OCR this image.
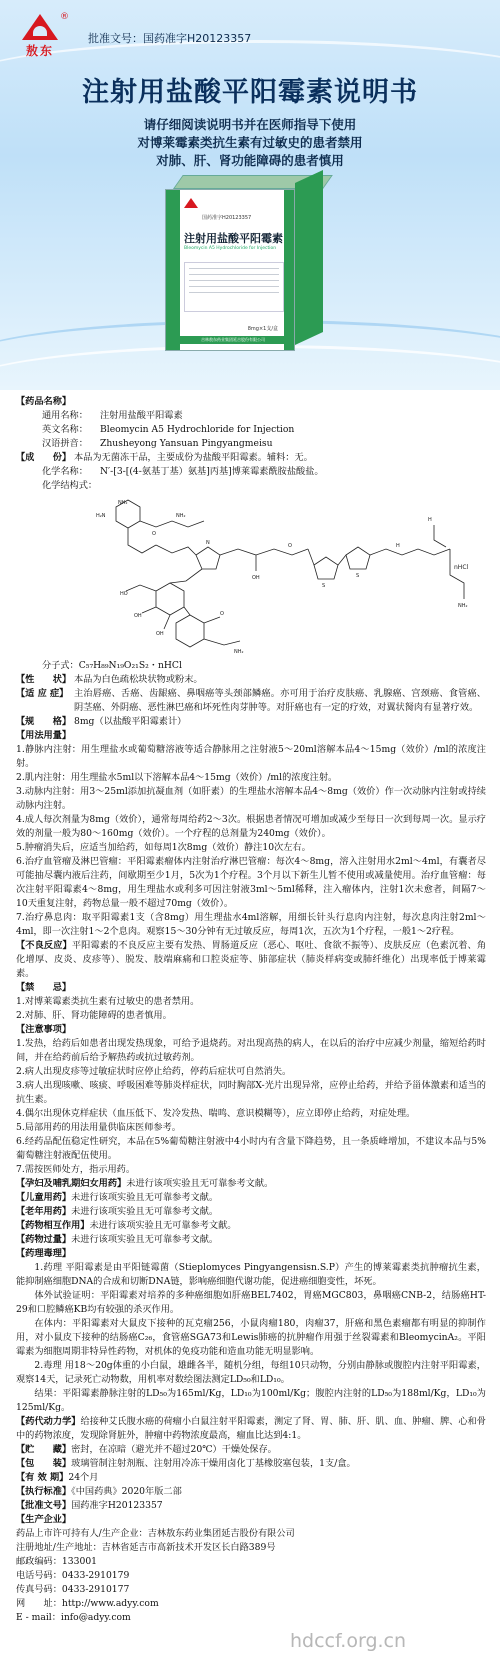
敖东
®
批准文号：国药准字H20123357
注射用盐酸平阳霉素说明书
请仔细阅读说明书并在医师指导下使用
对博莱霉素类抗生素有过敏史的患者禁用
对肺、肝、肾功能障碍的患者慎用
国药准字H20123357
注射用盐酸平阳霉素
Bleomycin A5 Hydrochloride for Injection
8mg×1支/盒
吉林敖东药业集团延吉股份有限公司
【药品名称】
通用名称：	注射用盐酸平阳霉素
英文名称：	Bleomycin A5 Hydrochloride for Injection
汉语拼音：	Zhusheyong Yansuan Pingyangmeisu
【成　　份】 本品为无菌冻干品，主要成份为盐酸平阳霉素。辅料：无。
化学名称：	N′-[3-[(4-氨基丁基）氨基]丙基]博莱霉素酰胺盐酸盐。
化学结构式：
NH₂
H₂N
O
NH₂
N
OH
O
S
S
H
H
NH₂
NH₂
HO
OH
OH
O
nHCl
分子式：C₅₇H₈₉N₁₉O₂₁S₂・nHCl
【性　　状】 本品为白色疏松块状物或粉末。
【适 应 症】 主治唇癌、舌癌、齿龈癌、鼻咽癌等头颈部鳞癌。亦可用于治疗皮肤癌、乳腺癌、宫颈癌、食管癌、阴茎癌、外阴癌、恶性淋巴癌和坏死性肉芽肿等。对肝癌也有一定的疗效，对翼状胬肉有显著疗效。
【规　　格】 8mg（以盐酸平阳霉素计）
【用法用量】
1.静脉内注射：用生理盐水或葡萄糖溶液等适合静脉用之注射液5～20ml溶解本品4～15mg（效价）/ml的浓度注射。
2.肌内注射：用生理盐水5ml以下溶解本品4～15mg（效价）/ml的浓度注射。
3.动脉内注射：用3～25ml添加抗凝血剂（如肝素）的生理盐水溶解本品4～8mg（效价）作一次动脉内注射或持续动脉内注射。
4.成人每次剂量为8mg（效价），通常每周给药2～3次。根据患者情况可增加或减少至每日一次到每周一次。显示疗效的剂量一般为80～160mg（效价）。一个疗程的总剂量为240mg（效价）。
5.肿瘤消失后，应适当加给药，如每周1次8mg（效价）静注10次左右。
6.治疗血管瘤及淋巴管瘤：平阳霉素瘤体内注射治疗淋巴管瘤：每次4～8mg，溶入注射用水2ml～4ml，有囊者尽可能抽尽囊内液后注药，间歇期至少1月，5次为1个疗程。3个月以下新生儿暂不使用或减量使用。治疗血管瘤：每次注射平阳霉素4～8mg，用生理盐水或利多可因注射液3ml～5ml稀释，注入瘤体内，注射1次未愈者，间隔7～10天重复注射，药物总量一般不超过70mg（效价）。
7.治疗鼻息肉：取平阳霉素1支（含8mg）用生理盐水4ml溶解，用细长针头行息肉内注射，每次息肉注射2ml～4ml，即一次注射1～2个息肉。观察15～30分钟有无过敏反应，每周1次，五次为1个疗程，一般1～2疗程。
【不良反应】平阳霉素的不良反应主要有发热、胃肠道反应（恶心、呕吐、食欲不振等）、皮肤反应（色素沉着、角化增厚、皮炎、皮疹等）、脱发、肢端麻痛和口腔炎症等、肺部症状（肺炎样病变或肺纤维化）出现率低于博莱霉素。
【禁　　忌】
1.对博莱霉素类抗生素有过敏史的患者禁用。
2.对肺、肝、肾功能障碍的患者慎用。
【注意事项】
1.发热，给药后如患者出现发热现象，可给予退烧药。对出现高热的病人，在以后的治疗中应减少剂量，缩短给药时间，并在给药前后给予解热药或抗过敏药剂。
2.病人出现皮疹等过敏症状时应停止给药，停药后症状可自然消失。
3.病人出现咳嗽、咳痰、呼吸困难等肺炎样症状，同时胸部X-光片出现异常，应停止给药，并给予甾体激素和适当的抗生素。
4.偶尔出现休克样症状（血压低下、发冷发热、喘鸣、意识模糊等），应立即停止给药，对症处理。
5.局部用药的用法用量供临床医师参考。
6.经药品配伍稳定性研究，本品在5%葡萄糖注射液中4小时内有含量下降趋势，且一条质峰增加，不建议本品与5%葡萄糖注射液配伍使用。
7.需按医师处方，指示用药。
【孕妇及哺乳期妇女用药】未进行该项实验且无可靠参考文献。
【儿童用药】未进行该项实验且无可靠参考文献。
【老年用药】未进行该项实验且无可靠参考文献。
【药物相互作用】未进行该项实验且无可靠参考文献。
【药物过量】未进行该项实验且无可靠参考文献。
【药理毒理】
1.药理 平阳霉素是由平阳链霉菌（Stieplomyces Pingyangensisn.S.P）产生的博莱霉素类抗肿瘤抗生素，能抑制癌细胞DNA的合成和切断DNA链，影响癌细胞代谢功能，促进癌细胞变性，坏死。
体外试验证明：平阳霉素对培养的多种癌细胞如肝癌BEL7402，胃癌MGC803，鼻咽癌CNB-2，结肠癌HT-29和口腔鳞癌KB均有较强的杀灭作用。
在体内：平阳霉素对大鼠皮下接种的瓦克瘤256，小鼠肉瘤180，肉瘤37，肝癌和黑色素瘤都有明显的抑制作用，对小鼠皮下接种的结肠癌C₂₆，食管癌SGA73和Lewis肺癌的抗肿瘤作用强于丝裂霉素和BleomycinA₂。平阳霉素为细胞周期非特异性药物，对机体的免疫功能和造血功能无明显影响。
2.毒理 用18～20g体重的小白鼠，雄雌各半，随机分组，每组10只动物，分别由静脉或腹腔内注射平阳霉素，观察14天，记录死亡动物数，用机率对数绘图法测定LD₅₀和LD₁₀。
结果：平阳霉素静脉注射的LD₅₀为165ml/Kg，LD₁₀为100ml/Kg；腹腔内注射的LD₅₀为188ml/Kg，LD₁₀为125ml/Kg。
【药代动力学】给接种艾氏腹水癌的荷瘤小白鼠注射平阳霉素，测定了肾、胃、肺、肝、肌、血、肿瘤、脾、心和骨中的药物浓度，发现除肾脏外，肿瘤中药物浓度最高，瘤血比达到4:1。
【贮　　藏】密封，在凉暗（避光并不超过20℃）干燥处保存。
【包　　装】玻璃管制注射剂瓶、注射用冷冻干燥用卤化丁基橡胶塞包装，1支/盒。
【有 效 期】24个月
【执行标准】《中国药典》2020年版二部
【批准文号】国药准字H20123357
【生产企业】
药品上市许可持有人/生产企业：吉林敖东药业集团延吉股份有限公司
注册地址/生产地址：吉林省延吉市高新技术开发区长白路389号
邮政编码：133001
电话号码：0433-2910179
传真号码：0433-2910177
网　　址：http://www.adyy.com
E - mail：info@adyy.com
hdccf.org.cn
